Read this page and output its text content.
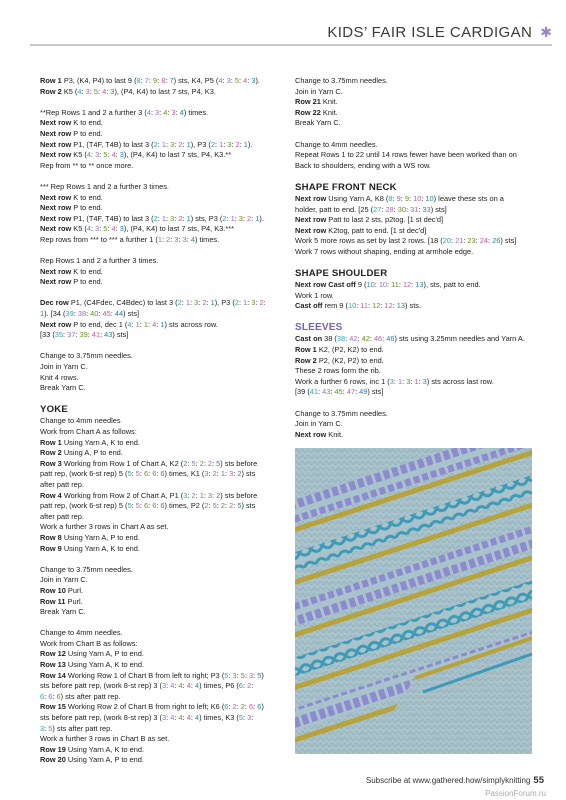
KIDS’ FAIR ISLE CARDIGAN ✱

Row 1 P3, (K4, P4) to last 9 (8: 7: 9: 8: 7) sts, K4, P5 (4: 3: 5: 4: 3).

Row 2 K5 (4: 3: 5: 4: 3), (P4, K4) to last 7 sts, P4, K3.

**Rep Rows 1 and 2 a further 3 (4: 3: 4: 3: 4) times.

Next row K to end.

Next row P to end.

Next row P1, (T4F, T4B) to last 3 (2: 1: 3: 2: 1), P3 (2: 1: 3: 2: 1).

Next row K5 (4: 3: 5: 4: 3), (P4, K4) to last 7 sts, P4, K3.**

Rep from ** to ** once more.

*** Rep Rows 1 and 2 a further 3 times.

Next row K to end.

Next row P to end.

Next row P1, (T4F, T4B) to last 3 (2: 1: 3: 2: 1) sts, P3 (2: 1: 3: 2: 1).

Next row K5 (4: 3: 5: 4: 3), (P4, K4) to last 7 sts, P4, K3.***

Rep rows from *** to *** a further 1 (1: 2: 3: 3: 4) times.

Rep Rows 1 and 2 a further 3 times.

Next row K to end.

Next row P to end.

Dec row P1, (C4Fdec, C4Bdec) to last 3 (2: 1: 3: 2: 1), P3 (2: 1: 3: 2:

1). [34 (39: 38: 40: 45: 44) sts]

Next row P to end, dec 1 (4: 1: 1: 4: 1) sts across row.

[33 (35: 37: 39: 41: 43) sts]

Change to 3.75mm needles.

Join in Yarn C.

Knit 4 rows.

Break Yarn C.

YOKE

Change to 4mm needles

Work from Chart A as follows:

Row 1 Using Yarn A, K to end.

Row 2 Using A, P to end.

Row 3 Working from Row 1 of Chart A, K2 (2: 5: 2: 2: 5) sts before

patt rep, (work 6-st rep) 5 (5: 5: 6: 6: 6) times, K1 (3: 2: 1: 3: 2) sts

after patt rep.

Row 4 Working from Row 2 of Chart A, P1 (3: 2: 1: 3: 2) sts before

patt rep, (work 6-st rep) 5 (5: 5: 6: 6: 6) times, P2 (2: 5: 2: 2: 5) sts

after patt rep.

Work a further 3 rows in Chart A as set.

Row 8 Using Yarn A, P to end.

Row 9 Using Yarn A, K to end.

Change to 3.75mm needles.

Join in Yarn C.

Row 10 Purl.

Row 11 Purl.

Break Yarn C.

Change to 4mm needles.

Work from Chart B as follows:

Row 12 Using Yarn A, P to end.

Row 13 Using Yarn A, K to end.

Row 14 Working Row 1 of Chart B from left to right; P3 (5: 3: 5: 3: 5)

sts before patt rep, (work 8-st rep) 3 (3: 4: 4: 4: 4) times, P6 (6: 2:

6: 6: 6) sts after patt rep.

Row 15 Working Row 2 of Chart B from right to left; K6 (6: 2: 2: 6: 6)

sts before patt rep, (work 8-st rep) 3 (3: 4: 4: 4: 4) times, K3 (5: 3:

3: 5) sts after patt rep.

Work a further 3 rows in Chart B as set.

Row 19 Using Yarn A, K to end.

Row 20 Using Yarn A, P to end.

Change to 3.75mm needles.

Join in Yarn C.

Row 21 Knit.

Row 22 Knit.

Break Yarn C.

Change to 4mm needles.

Repeat Rows 1 to 22 until 14 rows fewer have been worked than on

Back to shoulders, ending with a WS row.

SHAPE FRONT NECK

Next row Using Yarn A, K8 (8: 9: 9: 10: 10) leave these sts on a

holder, patt to end. [25 (27: 28: 30: 31: 33) sts]

Next row Patt to last 2 sts, p2tog. [1 st dec'd]

Next row K2tog, patt to end. [1 st dec'd]

Work 5 more rows as set by last 2 rows. [18 (20: 21: 23: 24: 26) sts]

Work 7 rows without shaping, ending at armhole edge.

SHAPE SHOULDER

Next row Cast off 9 (10: 10: 11: 12: 13), sts, patt to end.

Work 1 row.

Cast off rem 9 (10: 11: 12: 12: 13) sts.

SLEEVES

Cast on 38 (38: 42: 42: 46: 46) sts using 3.25mm needles and Yarn A.

Row 1 K2, (P2, K2) to end.

Row 2 P2, (K2, P2) to end.

These 2 rows form the rib.

Work a further 6 rows, inc 1 (3: 1: 3: 1: 3) sts across last row.

[39 (41: 43: 45: 47: 49) sts]

Change to 3.75mm needles.

Join in Yarn C.

Next row Knit.

Subscribe at www.gathered.how/simplyknitting 55
PassionForum.ru
